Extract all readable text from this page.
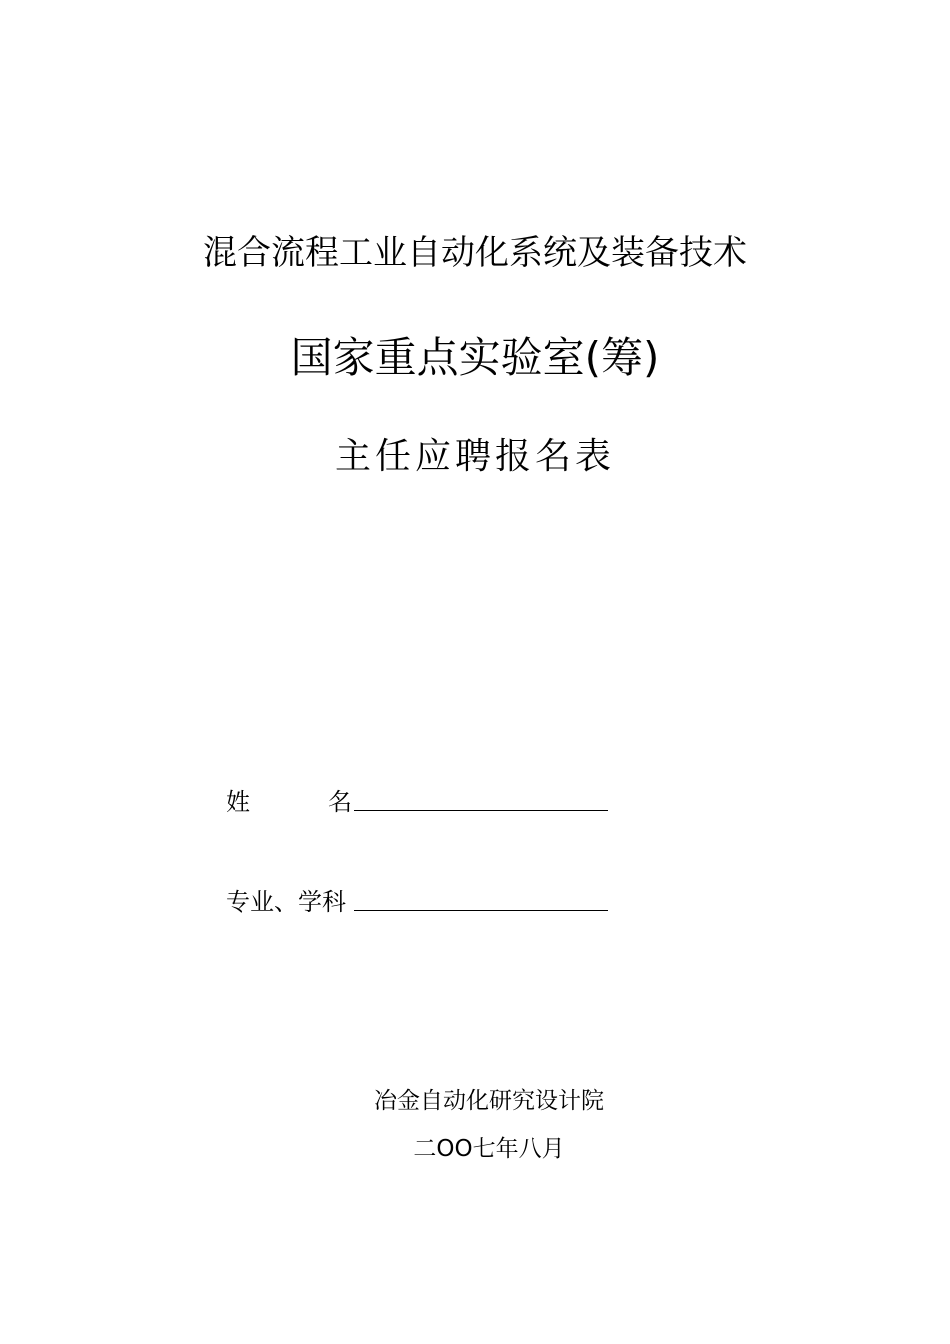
混合流程工业自动化系统及装备技术
国家重点实验室(筹)
主任应聘报名表
姓	名
专业、学科
冶金自动化研究设计院
二OO七年八月
